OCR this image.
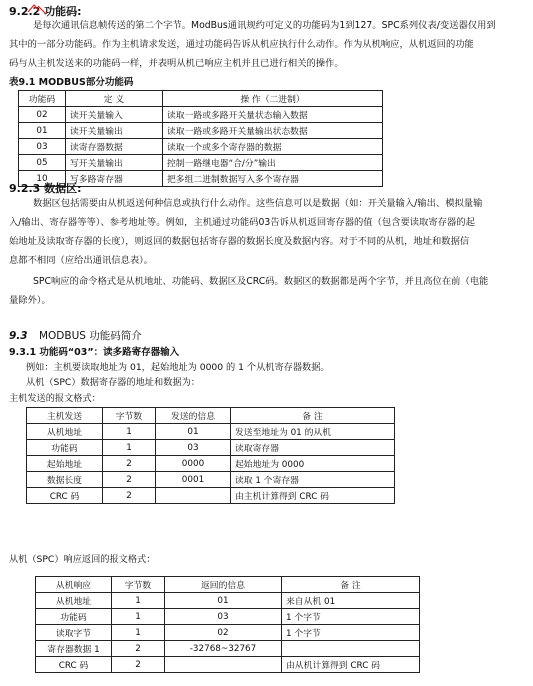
9.2.2 功能码:
是每次通讯信息帧传送的第二个字节。ModBus通讯规约可定义的功能码为1到127。SPC系列仪表/变送器仅用到
其中的一部分功能码。作为主机请求发送，通过功能码告诉从机应执行什么动作。作为从机响应，从机返回的功能
码与从主机发送来的功能码一样，并表明从机已响应主机并且已进行相关的操作。
表9.1 MODBUS部分功能码
功能码	定 义	操 作（二进制）
02	读开关量输入	读取一路或多路开关量状态输入数据
01	读开关量输出	读取一路或多路开关量输出状态数据
03	读寄存器数据	读取一个或多个寄存器的数据
05	写开关量输出	控制一路继电器“合/分”输出
10	写多路寄存器	把多组二进制数据写入多个寄存器
9.2.3 数据区:
数据区包括需要由从机返送何种信息或执行什么动作。这些信息可以是数据（如：开关量输入/输出、模拟量输
入/输出、寄存器等等）、参考地址等。例如，主机通过功能码03告诉从机返回寄存器的值（包含要读取寄存器的起
始地址及读取寄存器的长度），则返回的数据包括寄存器的数据长度及数据内容。对于不同的从机，地址和数据信
息都不相同（应给出通讯信息表）。
SPC响应的命令格式是从机地址、功能码、数据区及CRC码。数据区的数据都是两个字节，并且高位在前（电能
量除外）。
9.3 MODBUS 功能码简介
9.3.1 功能码“03”：读多路寄存器输入
例如：主机要读取地址为 01，起始地址为 0000 的 1 个从机寄存器数据。
从机（SPC）数据寄存器的地址和数据为：
主机发送的报文格式：
主机发送	字节数	发送的信息	备 注
从机地址	1	01	发送至地址为 01 的从机
功能码	1	03	读取寄存器
起始地址	2	0000	起始地址为 0000
数据长度	2	0001	读取 1 个寄存器
CRC 码	2		由主机计算得到 CRC 码
从机（SPC）响应返回的报文格式：
从机响应	字节数	返回的信息	备 注
从机地址	1	01	来自从机 01
功能码	1	03	1 个字节
读取字节	1	02	1 个字节
寄存器数据 1	2	-32768~32767	
CRC 码	2		由从机计算得到 CRC 码
